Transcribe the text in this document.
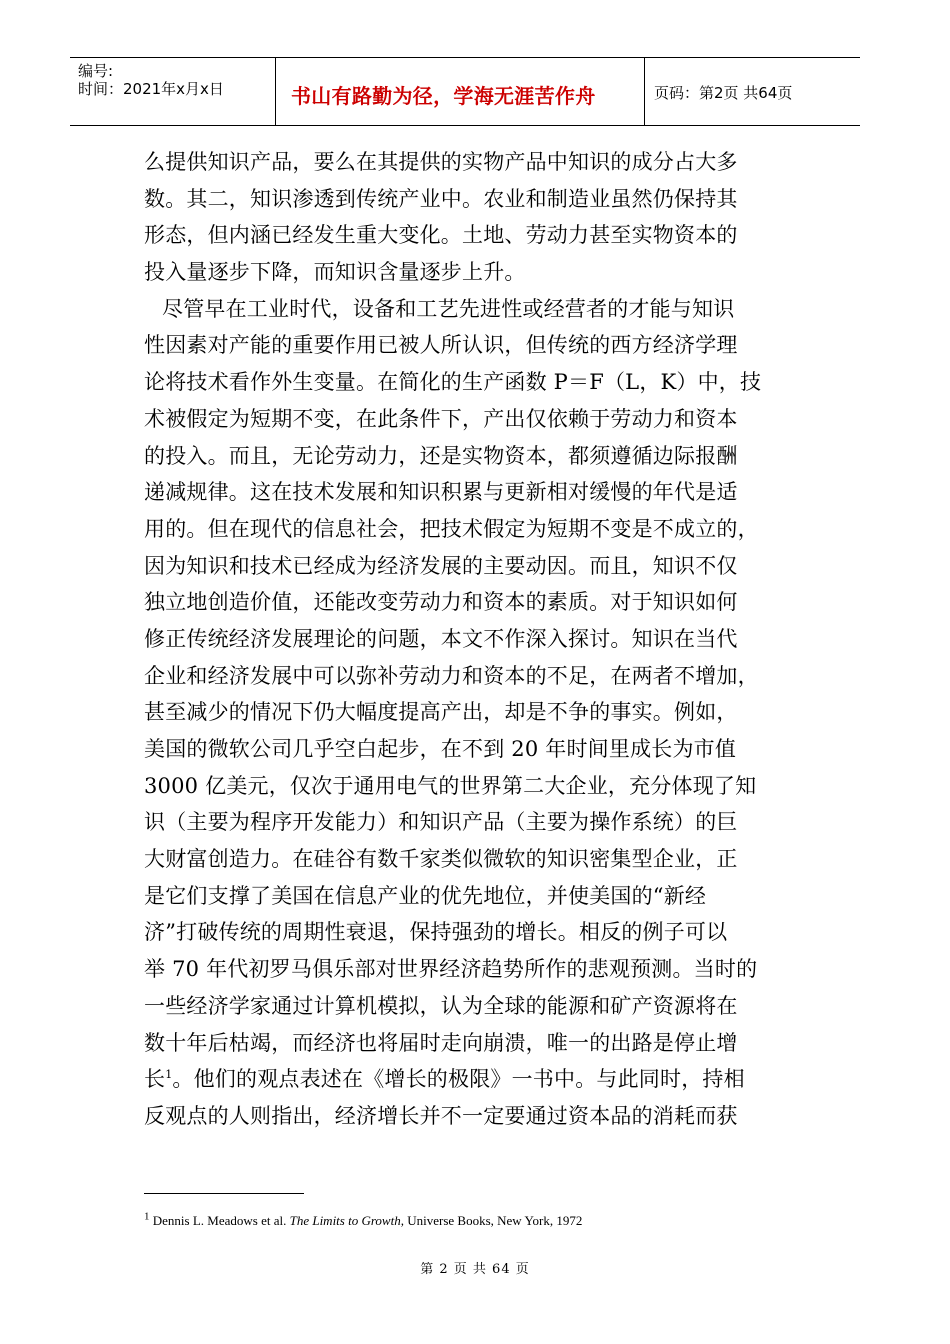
编号:
时间：2021年x月x日	书山有路勤为径，学海无涯苦作舟	页码：第2页 共64页
么提供知识产品，要么在其提供的实物产品中知识的成分占大多
数。其二，知识渗透到传统产业中。农业和制造业虽然仍保持其
形态，但内涵已经发生重大变化。土地、劳动力甚至实物资本的
投入量逐步下降，而知识含量逐步上升。
尽管早在工业时代，设备和工艺先进性或经营者的才能与知识
性因素对产能的重要作用已被人所认识，但传统的西方经济学理
论将技术看作外生变量。在简化的生产函数 P＝F（L，K）中，技
术被假定为短期不变，在此条件下，产出仅依赖于劳动力和资本
的投入。而且，无论劳动力，还是实物资本，都须遵循边际报酬
递减规律。这在技术发展和知识积累与更新相对缓慢的年代是适
用的。但在现代的信息社会，把技术假定为短期不变是不成立的，
因为知识和技术已经成为经济发展的主要动因。而且，知识不仅
独立地创造价值，还能改变劳动力和资本的素质。对于知识如何
修正传统经济发展理论的问题，本文不作深入探讨。知识在当代
企业和经济发展中可以弥补劳动力和资本的不足，在两者不增加，
甚至减少的情况下仍大幅度提高产出，却是不争的事实。例如，
美国的微软公司几乎空白起步，在不到 20 年时间里成长为市值
3000 亿美元，仅次于通用电气的世界第二大企业，充分体现了知
识（主要为程序开发能力）和知识产品（主要为操作系统）的巨
大财富创造力。在硅谷有数千家类似微软的知识密集型企业，正
是它们支撑了美国在信息产业的优先地位，并使美国的“新经
济”打破传统的周期性衰退，保持强劲的增长。相反的例子可以
举 70 年代初罗马俱乐部对世界经济趋势所作的悲观预测。当时的
一些经济学家通过计算机模拟，认为全球的能源和矿产资源将在
数十年后枯竭，而经济也将届时走向崩溃，唯一的出路是停止增
长$^1$。他们的观点表述在《增长的极限》一书中。与此同时，持相
反观点的人则指出，经济增长并不一定要通过资本品的消耗而获
$^1$ Dennis L. Meadows et al. The Limits to Growth, Universe Books, New York, 1972
第 2 页 共 64 页
